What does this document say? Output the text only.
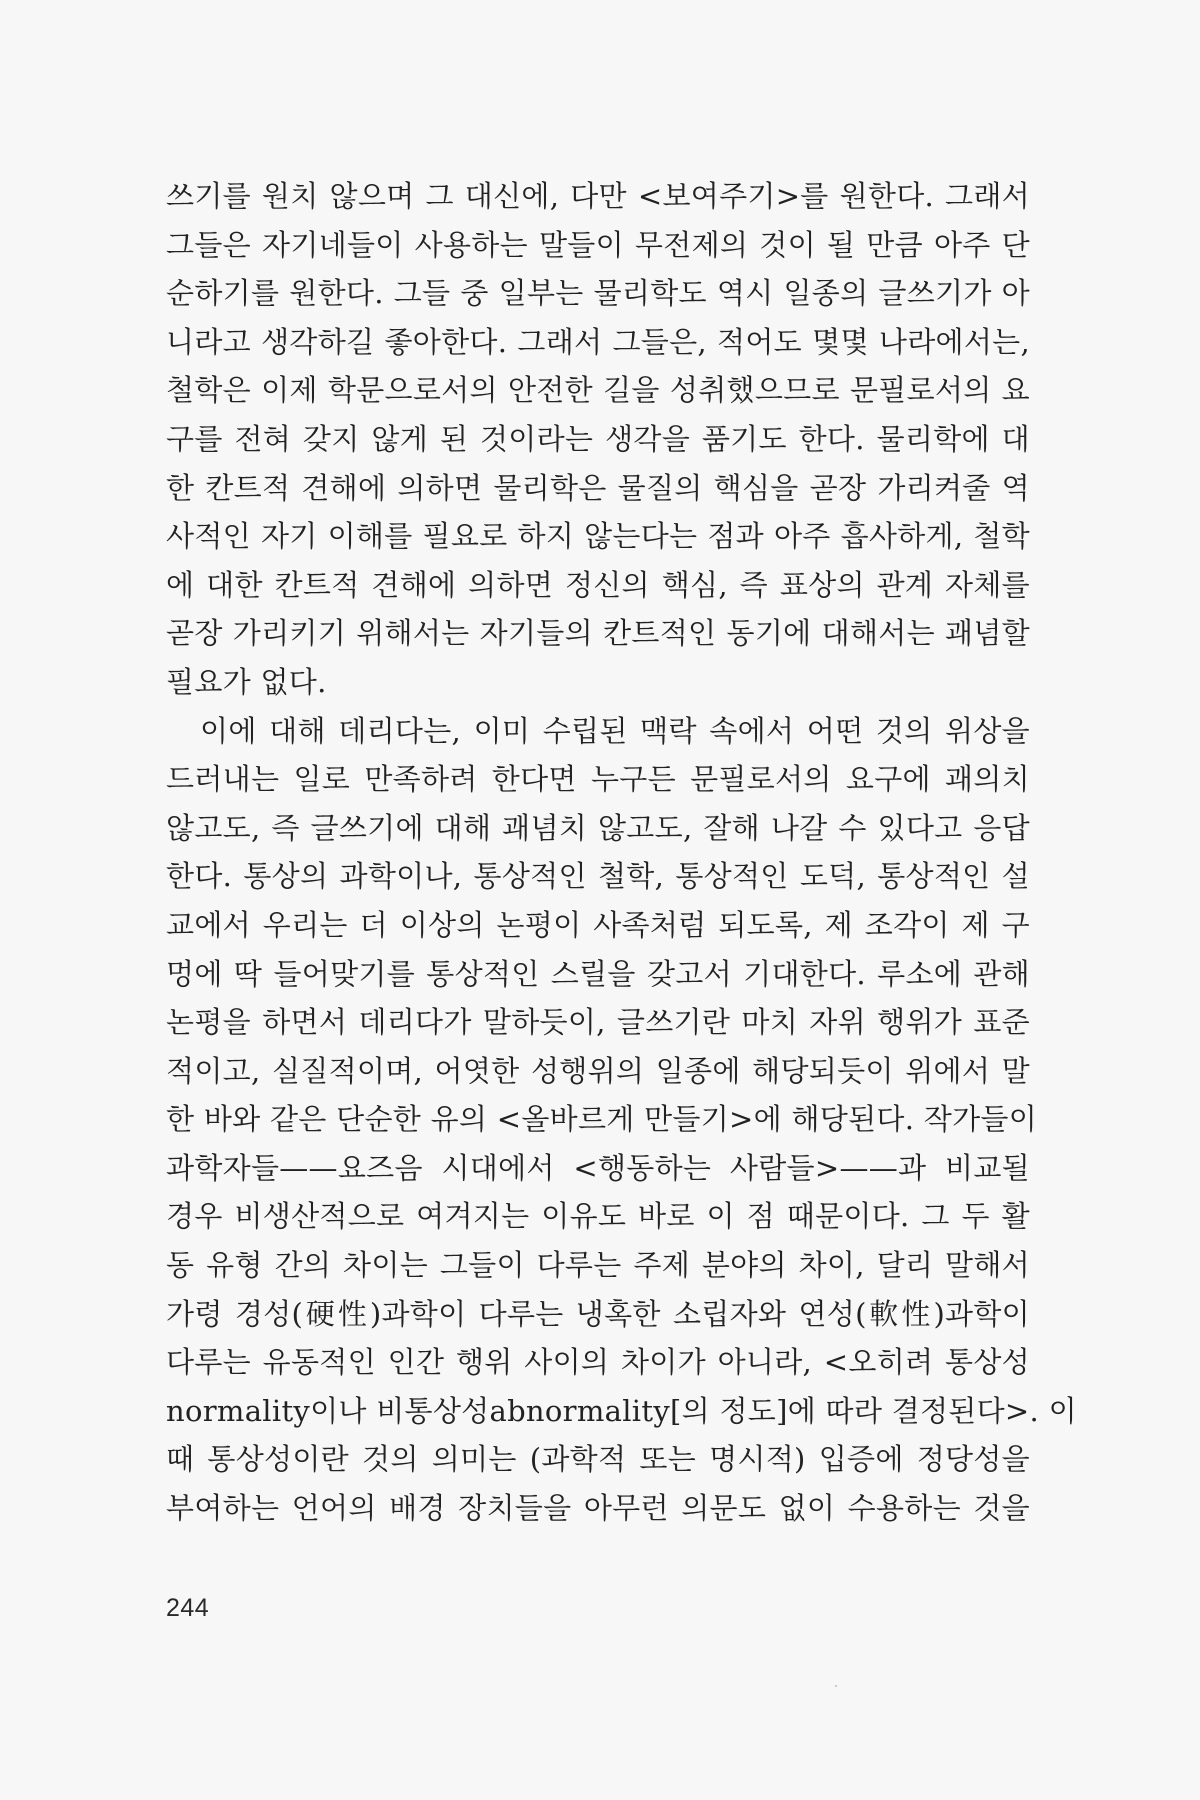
쓰기를 원치 않으며 그 대신에, 다만 <보여주기>를 원한다. 그래서
그들은 자기네들이 사용하는 말들이 무전제의 것이 될 만큼 아주 단
순하기를 원한다. 그들 중 일부는 물리학도 역시 일종의 글쓰기가 아
니라고 생각하길 좋아한다. 그래서 그들은, 적어도 몇몇 나라에서는,
철학은 이제 학문으로서의 안전한 길을 성취했으므로 문필로서의 요
구를 전혀 갖지 않게 된 것이라는 생각을 품기도 한다. 물리학에 대
한 칸트적 견해에 의하면 물리학은 물질의 핵심을 곧장 가리켜줄 역
사적인 자기 이해를 필요로 하지 않는다는 점과 아주 흡사하게, 철학
에 대한 칸트적 견해에 의하면 정신의 핵심, 즉 표상의 관계 자체를
곧장 가리키기 위해서는 자기들의 칸트적인 동기에 대해서는 괘념할
필요가 없다.
이에 대해 데리다는, 이미 수립된 맥락 속에서 어떤 것의 위상을
드러내는 일로 만족하려 한다면 누구든 문필로서의 요구에 괘의치
않고도, 즉 글쓰기에 대해 괘념치 않고도, 잘해 나갈 수 있다고 응답
한다. 통상의 과학이나, 통상적인 철학, 통상적인 도덕, 통상적인 설
교에서 우리는 더 이상의 논평이 사족처럼 되도록, 제 조각이 제 구
멍에 딱 들어맞기를 통상적인 스릴을 갖고서 기대한다. 루소에 관해
논평을 하면서 데리다가 말하듯이, 글쓰기란 마치 자위 행위가 표준
적이고, 실질적이며, 어엿한 성행위의 일종에 해당되듯이 위에서 말
한 바와 같은 단순한 유의 <올바르게 만들기>에 해당된다. 작가들이
과학자들——요즈음 시대에서 <행동하는 사람들>——과 비교될
경우 비생산적으로 여겨지는 이유도 바로 이 점 때문이다. 그 두 활
동 유형 간의 차이는 그들이 다루는 주제 분야의 차이, 달리 말해서
가령 경성(硬性)과학이 다루는 냉혹한 소립자와 연성(軟性)과학이
다루는 유동적인 인간 행위 사이의 차이가 아니라, <오히려 통상성
normality이나 비통상성abnormality[의 정도]에 따라 결정된다>. 이
때 통상성이란 것의 의미는 (과학적 또는 명시적) 입증에 정당성을
부여하는 언어의 배경 장치들을 아무런 의문도 없이 수용하는 것을
244
